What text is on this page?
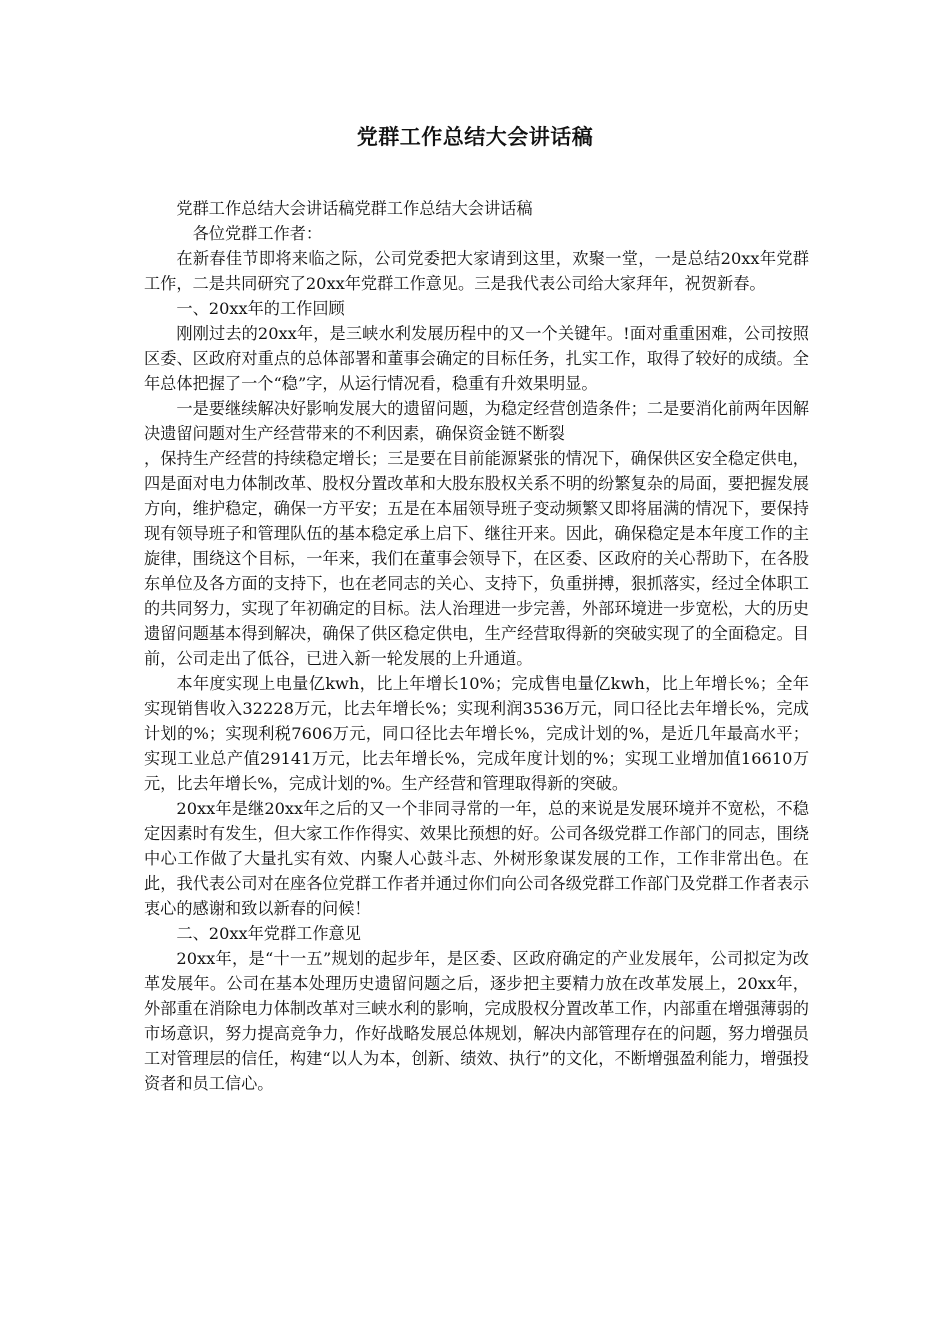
党群工作总结大会讲话稿

党群工作总结大会讲话稿党群工作总结大会讲话稿

各位党群工作者：

在新春佳节即将来临之际，公司党委把大家请到这里，欢聚一堂，一是总结20xx年党群工作，二是共同研究了20xx年党群工作意见。三是我代表公司给大家拜年，祝贺新春。

一、20xx年的工作回顾

刚刚过去的20xx年，是三峡水利发展历程中的又一个关键年。!面对重重困难，公司按照区委、区政府对重点的总体部署和董事会确定的目标任务，扎实工作，取得了较好的成绩。全年总体把握了一个“稳”字，从运行情况看，稳重有升效果明显。

一是要继续解决好影响发展大的遗留问题，为稳定经营创造条件；二是要消化前两年因解决遗留问题对生产经营带来的不利因素，确保资金链不断裂

，保持生产经营的持续稳定增长；三是要在目前能源紧张的情况下，确保供区安全稳定供电，四是面对电力体制改革、股权分置改革和大股东股权关系不明的纷繁复杂的局面，要把握发展方向，维护稳定，确保一方平安；五是在本届领导班子变动频繁又即将届满的情况下，要保持现有领导班子和管理队伍的基本稳定承上启下、继往开来。因此，确保稳定是本年度工作的主旋律，围绕这个目标，一年来，我们在董事会领导下，在区委、区政府的关心帮助下，在各股东单位及各方面的支持下，也在老同志的关心、支持下，负重拼搏，狠抓落实，经过全体职工的共同努力，实现了年初确定的目标。法人治理进一步完善，外部环境进一步宽松，大的历史遗留问题基本得到解决，确保了供区稳定供电，生产经营取得新的突破实现了的全面稳定。目前，公司走出了低谷，已进入新一轮发展的上升通道。

本年度实现上电量亿kwh，比上年增长10%；完成售电量亿kwh，比上年增长%；全年实现销售收入32228万元，比去年增长%；实现利润3536万元，同口径比去年增长%，完成计划的%；实现利税7606万元，同口径比去年增长%，完成计划的%，是近几年最高水平；实现工业总产值29141万元，比去年增长%，完成年度计划的%；实现工业增加值16610万元，比去年增长%，完成计划的%。生产经营和管理取得新的突破。

20xx年是继20xx年之后的又一个非同寻常的一年，总的来说是发展环境并不宽松，不稳定因素时有发生，但大家工作作得实、效果比预想的好。公司各级党群工作部门的同志，围绕中心工作做了大量扎实有效、内聚人心鼓斗志、外树形象谋发展的工作，工作非常出色。在此，我代表公司对在座各位党群工作者并通过你们向公司各级党群工作部门及党群工作者表示衷心的感谢和致以新春的问候！

二、20xx年党群工作意见

20xx年，是“十一五”规划的起步年，是区委、区政府确定的产业发展年，公司拟定为改革发展年。公司在基本处理历史遗留问题之后，逐步把主要精力放在改革发展上，20xx年，外部重在消除电力体制改革对三峡水利的影响，完成股权分置改革工作，内部重在增强薄弱的市场意识，努力提高竞争力，作好战略发展总体规划，解决内部管理存在的问题，努力增强员工对管理层的信任，构建“以人为本，创新、绩效、执行”的文化，不断增强盈利能力，增强投资者和员工信心。
